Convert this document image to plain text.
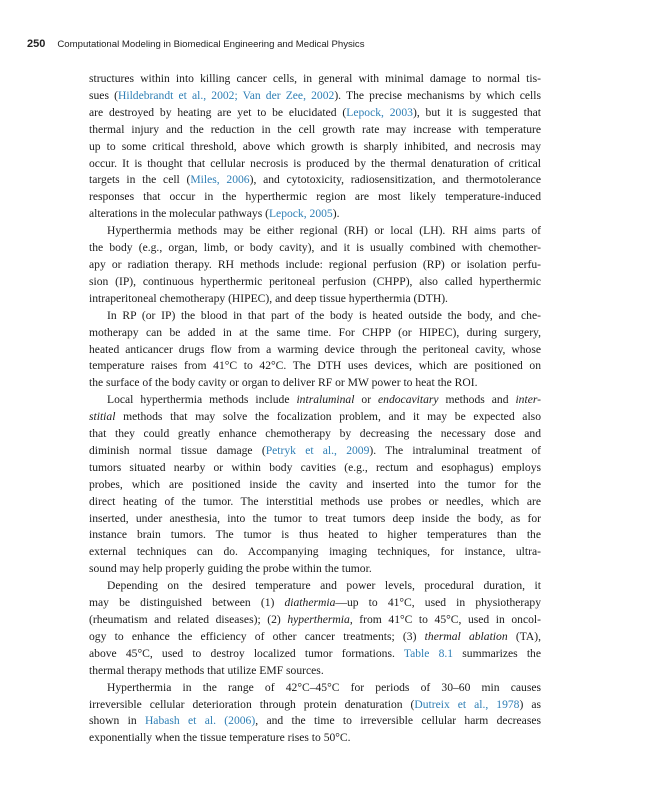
250 Computational Modeling in Biomedical Engineering and Medical Physics

structures within into killing cancer cells, in general with minimal damage to normal tis-
sues (Hildebrandt et al., 2002; Van der Zee, 2002). The precise mechanisms by which cells
are destroyed by heating are yet to be elucidated (Lepock, 2003), but it is suggested that
thermal injury and the reduction in the cell growth rate may increase with temperature
up to some critical threshold, above which growth is sharply inhibited, and necrosis may
occur. It is thought that cellular necrosis is produced by the thermal denaturation of critical
targets in the cell (Miles, 2006), and cytotoxicity, radiosensitization, and thermotolerance
responses that occur in the hyperthermic region are most likely temperature-induced
alterations in the molecular pathways (Lepock, 2005).

Hyperthermia methods may be either regional (RH) or local (LH). RH aims parts of
the body (e.g., organ, limb, or body cavity), and it is usually combined with chemother-
apy or radiation therapy. RH methods include: regional perfusion (RP) or isolation perfu-
sion (IP), continuous hyperthermic peritoneal perfusion (CHPP), also called hyperthermic
intraperitoneal chemotherapy (HIPEC), and deep tissue hyperthermia (DTH).

In RP (or IP) the blood in that part of the body is heated outside the body, and che-
motherapy can be added in at the same time. For CHPP (or HIPEC), during surgery,
heated anticancer drugs flow from a warming device through the peritoneal cavity, whose
temperature raises from 41°C to 42°C. The DTH uses devices, which are positioned on
the surface of the body cavity or organ to deliver RF or MW power to heat the ROI.

Local hyperthermia methods include intraluminal or endocavitary methods and inter-
stitial methods that may solve the focalization problem, and it may be expected also
that they could greatly enhance chemotherapy by decreasing the necessary dose and
diminish normal tissue damage (Petryk et al., 2009). The intraluminal treatment of
tumors situated nearby or within body cavities (e.g., rectum and esophagus) employs
probes, which are positioned inside the cavity and inserted into the tumor for the
direct heating of the tumor. The interstitial methods use probes or needles, which are
inserted, under anesthesia, into the tumor to treat tumors deep inside the body, as for
instance brain tumors. The tumor is thus heated to higher temperatures than the
external techniques can do. Accompanying imaging techniques, for instance, ultra-
sound may help properly guiding the probe within the tumor.

Depending on the desired temperature and power levels, procedural duration, it
may be distinguished between (1) diathermia—up to 41°C, used in physiotherapy
(rheumatism and related diseases); (2) hyperthermia, from 41°C to 45°C, used in oncol-
ogy to enhance the efficiency of other cancer treatments; (3) thermal ablation (TA),
above 45°C, used to destroy localized tumor formations. Table 8.1 summarizes the
thermal therapy methods that utilize EMF sources.

Hyperthermia in the range of 42°C–45°C for periods of 30–60 min causes
irreversible cellular deterioration through protein denaturation (Dutreix et al., 1978) as
shown in Habash et al. (2006), and the time to irreversible cellular harm decreases
exponentially when the tissue temperature rises to 50°C.
